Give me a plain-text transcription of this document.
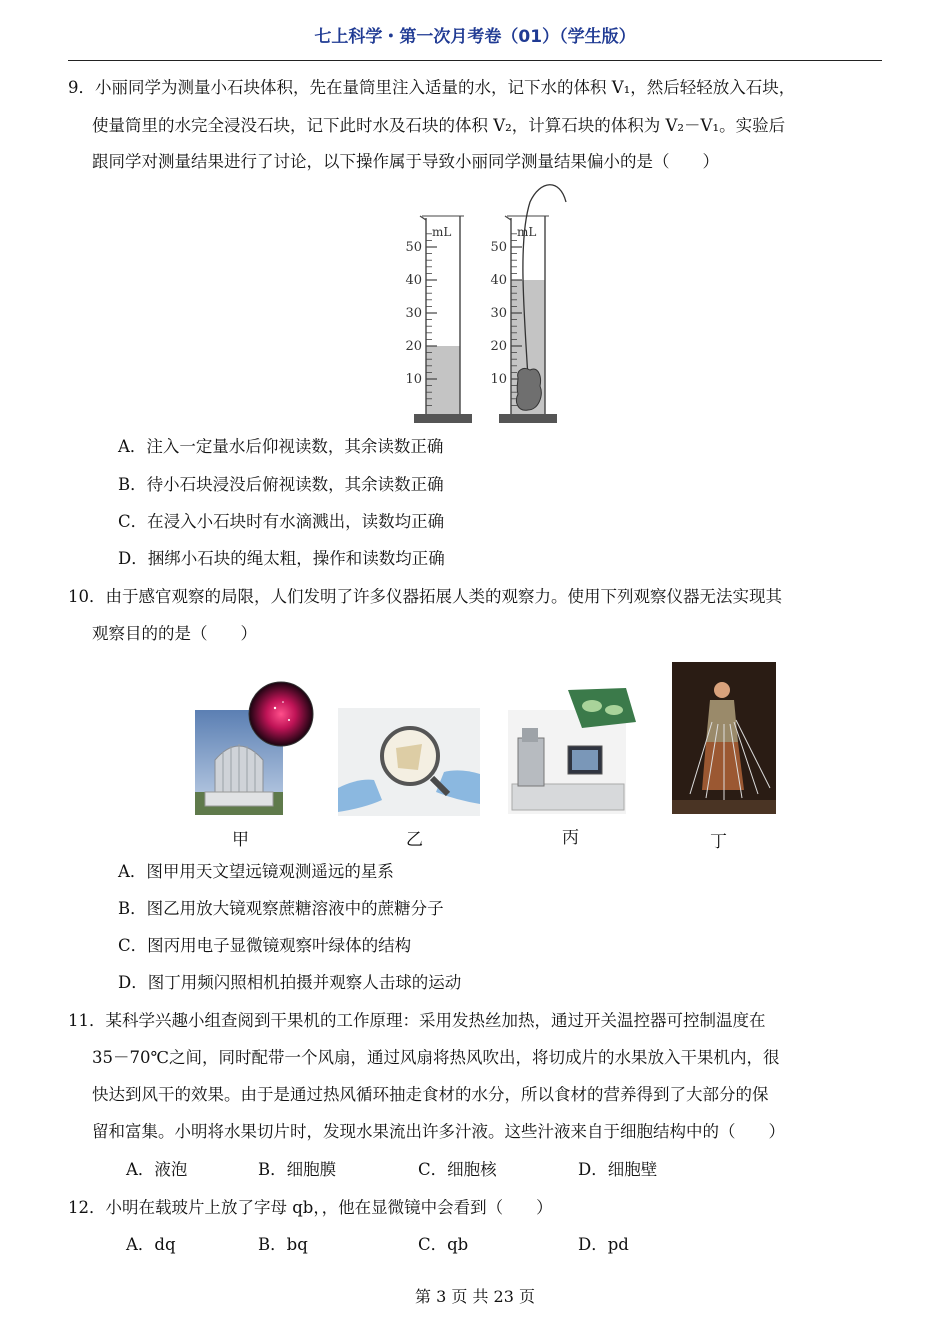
七上科学・第一次月考卷（01）（学生版）
9．小丽同学为测量小石块体积，先在量筒里注入适量的水，记下水的体积 V₁，然后轻轻放入石块，
使量筒里的水完全浸没石块，记下此时水及石块的体积 V₂，计算石块的体积为 V₂－V₁。实验后
跟同学对测量结果进行了讨论，以下操作属于导致小丽同学测量结果偏小的是（　　）
mL
50
40
30
20
10
mL
50
40
30
20
10
A．注入一定量水后仰视读数，其余读数正确
B．待小石块浸没后俯视读数，其余读数正确
C．在浸入小石块时有水滴溅出，读数均正确
D．捆绑小石块的绳太粗，操作和读数均正确
10．由于感官观察的局限，人们发明了许多仪器拓展人类的观察力。使用下列观察仪器无法实现其
观察目的的是（　　）
甲	乙	丙	丁
A．图甲用天文望远镜观测遥远的星系
B．图乙用放大镜观察蔗糖溶液中的蔗糖分子
C．图丙用电子显微镜观察叶绿体的结构
D．图丁用频闪照相机拍摄并观察人击球的运动
11．某科学兴趣小组查阅到干果机的工作原理：采用发热丝加热，通过开关温控器可控制温度在
35－70℃之间，同时配带一个风扇，通过风扇将热风吹出，将切成片的水果放入干果机内，很
快达到风干的效果。由于是通过热风循环抽走食材的水分，所以食材的营养得到了大部分的保
留和富集。小明将水果切片时，发现水果流出许多汁液。这些汁液来自于细胞结构中的（　　）
A．液泡	B．细胞膜	C．细胞核	D．细胞壁
12．小明在载玻片上放了字母 qb，，他在显微镜中会看到（　　）
A．dq	B．bq	C．qb	D．pd
第 3 页 共 23 页
